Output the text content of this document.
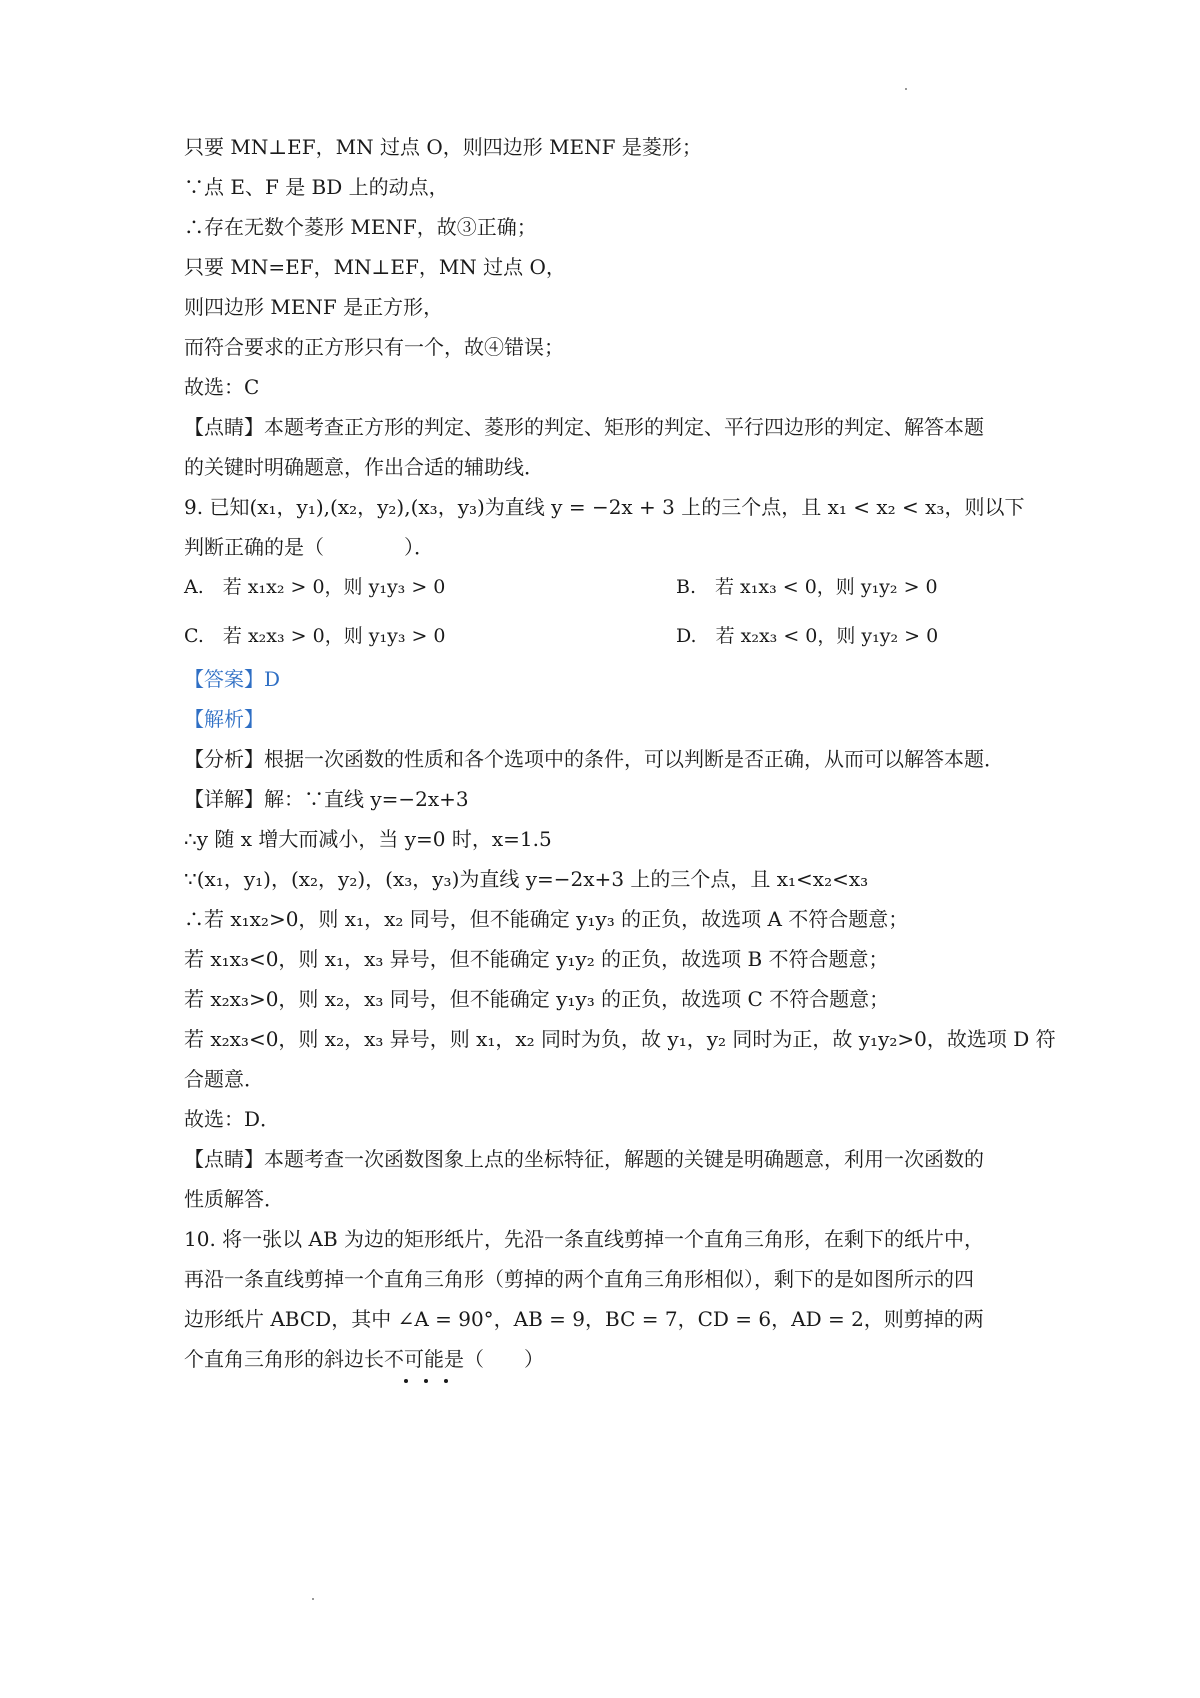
只要 MN⊥EF，MN 过点 O，则四边形 MENF 是菱形；
∵点 E、F 是 BD 上的动点，
∴存在无数个菱形 MENF，故③正确；
只要 MN=EF，MN⊥EF，MN 过点 O，
则四边形 MENF 是正方形，
而符合要求的正方形只有一个，故④错误；
故选：C
【点睛】本题考查正方形的判定、菱形的判定、矩形的判定、平行四边形的判定、解答本题
的关键时明确题意，作出合适的辅助线．
9. 已知(x₁，y₁),(x₂，y₂),(x₃，y₃)为直线 y = −2x + 3 上的三个点，且 x₁ < x₂ < x₃，则以下
判断正确的是（　　　　）．
A.　若 x₁x₂ > 0，则 y₁y₃ > 0	B.　若 x₁x₃ < 0，则 y₁y₂ > 0
C.　若 x₂x₃ > 0，则 y₁y₃ > 0	D.　若 x₂x₃ < 0，则 y₁y₂ > 0
【答案】D
【解析】
【分析】根据一次函数的性质和各个选项中的条件，可以判断是否正确，从而可以解答本题．
【详解】解：∵直线 y=−2x+3
∴y 随 x 增大而减小，当 y=0 时，x=1.5
∵(x₁，y₁)，(x₂，y₂)，(x₃，y₃)为直线 y=−2x+3 上的三个点，且 x₁<x₂<x₃
∴若 x₁x₂>0，则 x₁，x₂ 同号，但不能确定 y₁y₃ 的正负，故选项 A 不符合题意；
若 x₁x₃<0，则 x₁，x₃ 异号，但不能确定 y₁y₂ 的正负，故选项 B 不符合题意；
若 x₂x₃>0，则 x₂，x₃ 同号，但不能确定 y₁y₃ 的正负，故选项 C 不符合题意；
若 x₂x₃<0，则 x₂，x₃ 异号，则 x₁，x₂ 同时为负，故 y₁，y₂ 同时为正，故 y₁y₂>0，故选项 D 符
合题意．
故选：D．
【点睛】本题考查一次函数图象上点的坐标特征，解题的关键是明确题意，利用一次函数的
性质解答．
10. 将一张以 AB 为边的矩形纸片，先沿一条直线剪掉一个直角三角形，在剩下的纸片中，
再沿一条直线剪掉一个直角三角形（剪掉的两个直角三角形相似），剩下的是如图所示的四
边形纸片 ABCD，其中 ∠A = 90°，AB = 9，BC = 7，CD = 6，AD = 2，则剪掉的两
个直角三角形的斜边长不可能是（　　）
